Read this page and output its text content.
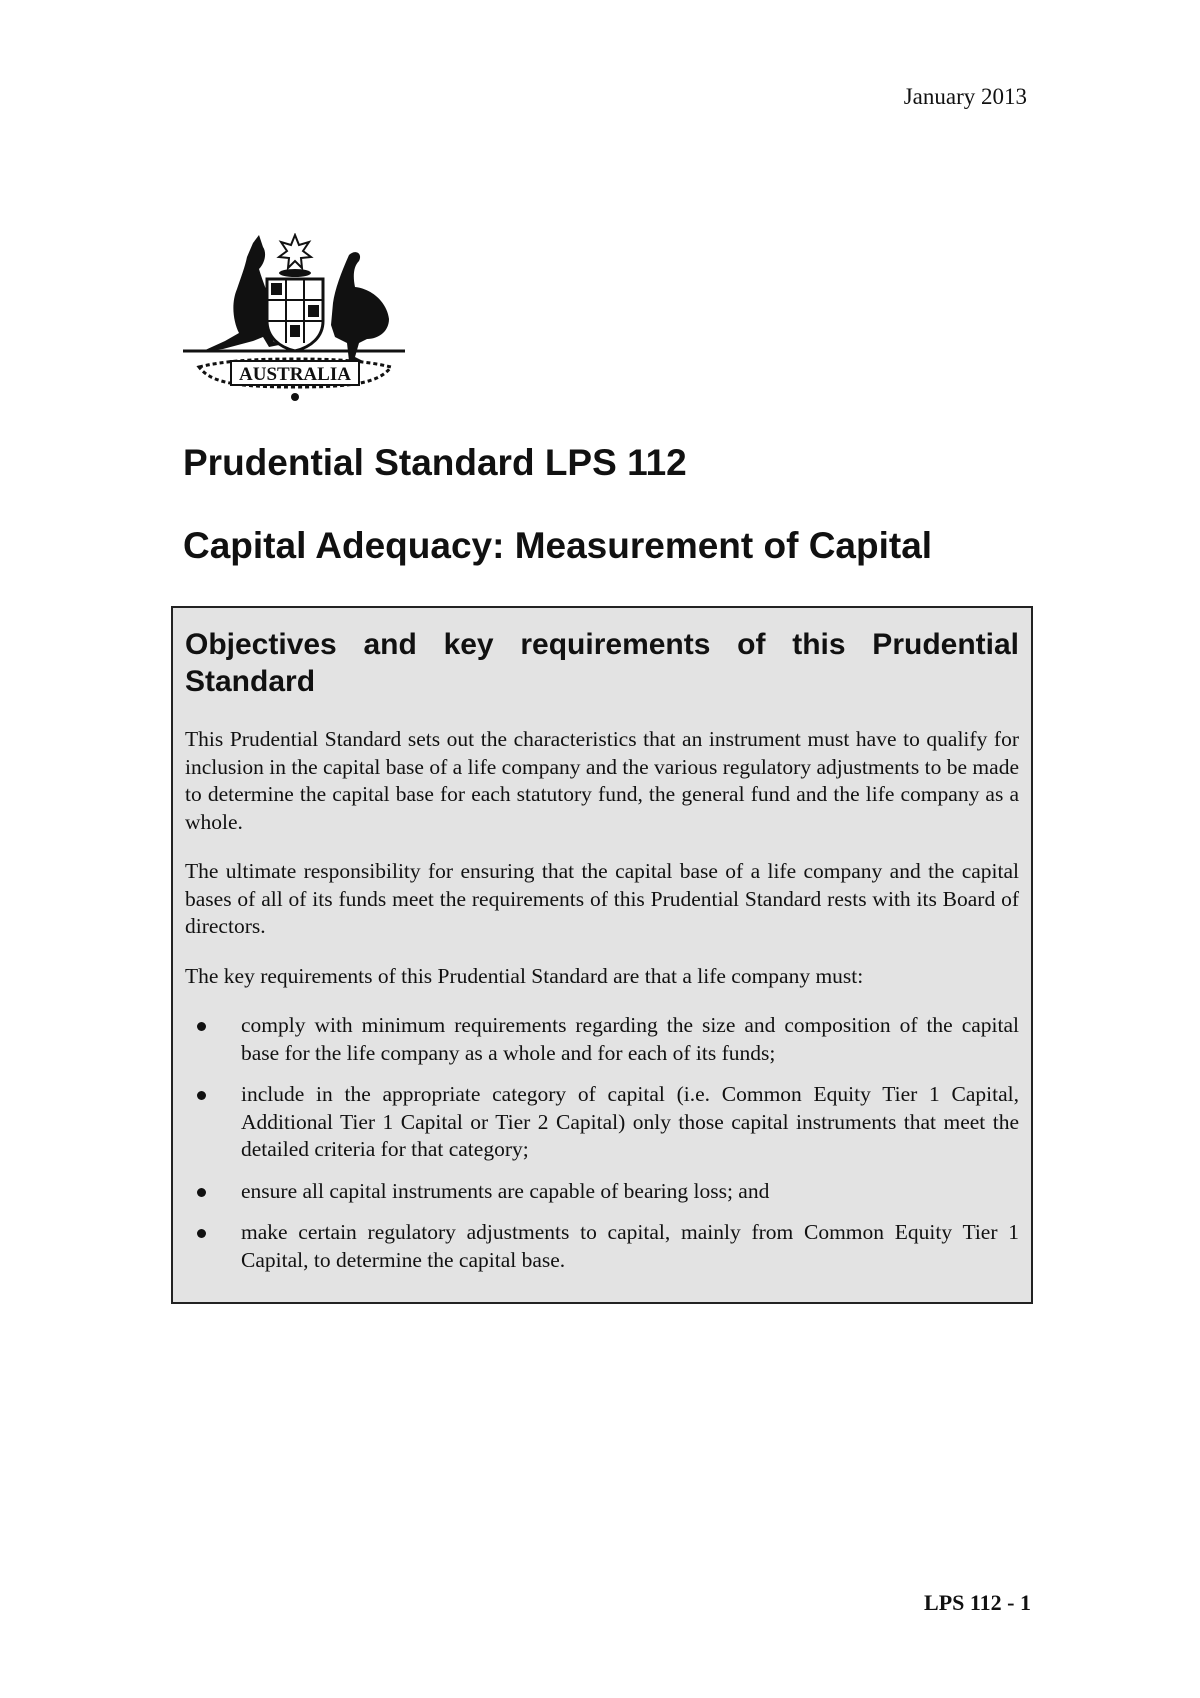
January 2013
AUSTRALIA
Prudential Standard LPS 112
Capital Adequacy: Measurement of Capital
Objectives and key requirements of this Prudential Standard

This Prudential Standard sets out the characteristics that an instrument must have to qualify for inclusion in the capital base of a life company and the various regulatory adjustments to be made to determine the capital base for each statutory fund, the general fund and the life company as a whole.

The ultimate responsibility for ensuring that the capital base of a life company and the capital bases of all of its funds meet the requirements of this Prudential Standard rests with its Board of directors.

The key requirements of this Prudential Standard are that a life company must:

comply with minimum requirements regarding the size and composition of the capital base for the life company as a whole and for each of its funds;
include in the appropriate category of capital (i.e. Common Equity Tier 1 Capital, Additional Tier 1 Capital or Tier 2 Capital) only those capital instruments that meet the detailed criteria for that category;
ensure all capital instruments are capable of bearing loss; and
make certain regulatory adjustments to capital, mainly from Common Equity Tier 1 Capital, to determine the capital base.
LPS 112 - 1
